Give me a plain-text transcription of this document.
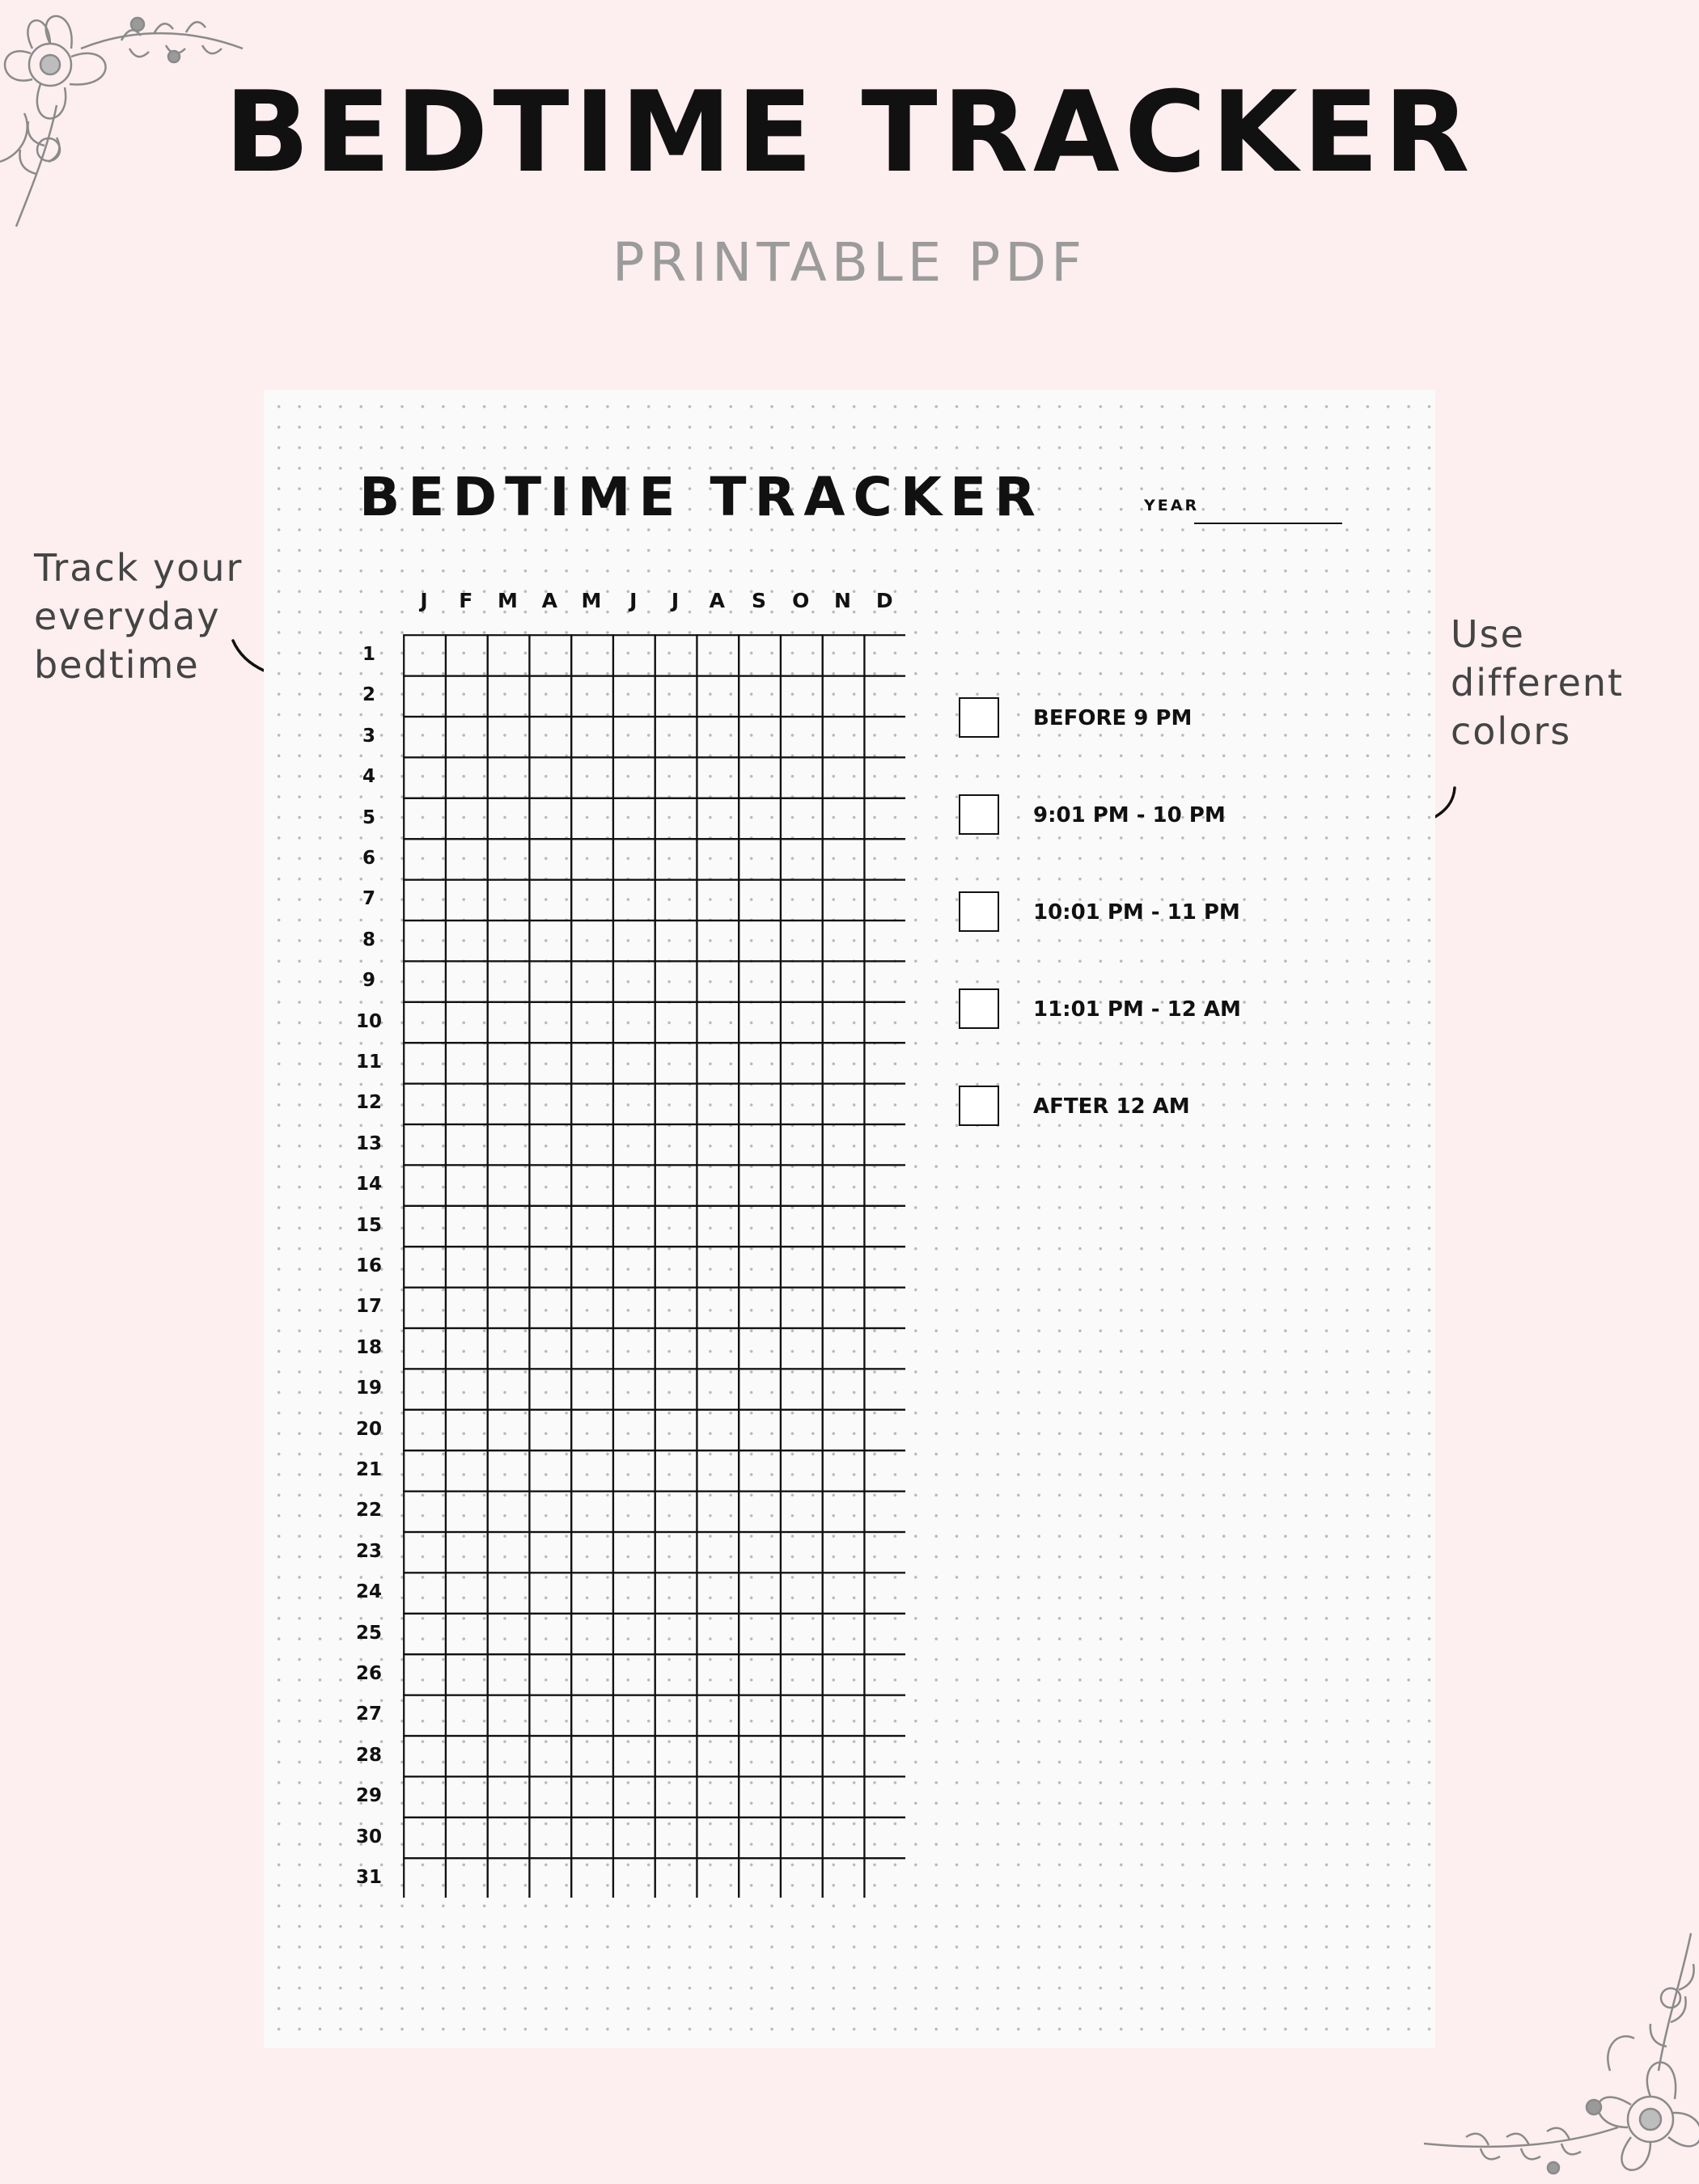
BEDTIME TRACKER
PRINTABLE PDF
Track your
everyday
bedtime
Use
different
colors
BEDTIME TRACKER	YEAR
J	F	M	A	M	J	J	A	S	O	N	D
1
2
3
4
5
6
7
8
9
10
11
12
13
14
15
16
17
18
19
20
21
22
23
24
25
26
27
28
29
30
31
BEFORE 9 PM
9:01 PM - 10 PM
10:01 PM - 11 PM
11:01 PM - 12 AM
AFTER 12 AM
